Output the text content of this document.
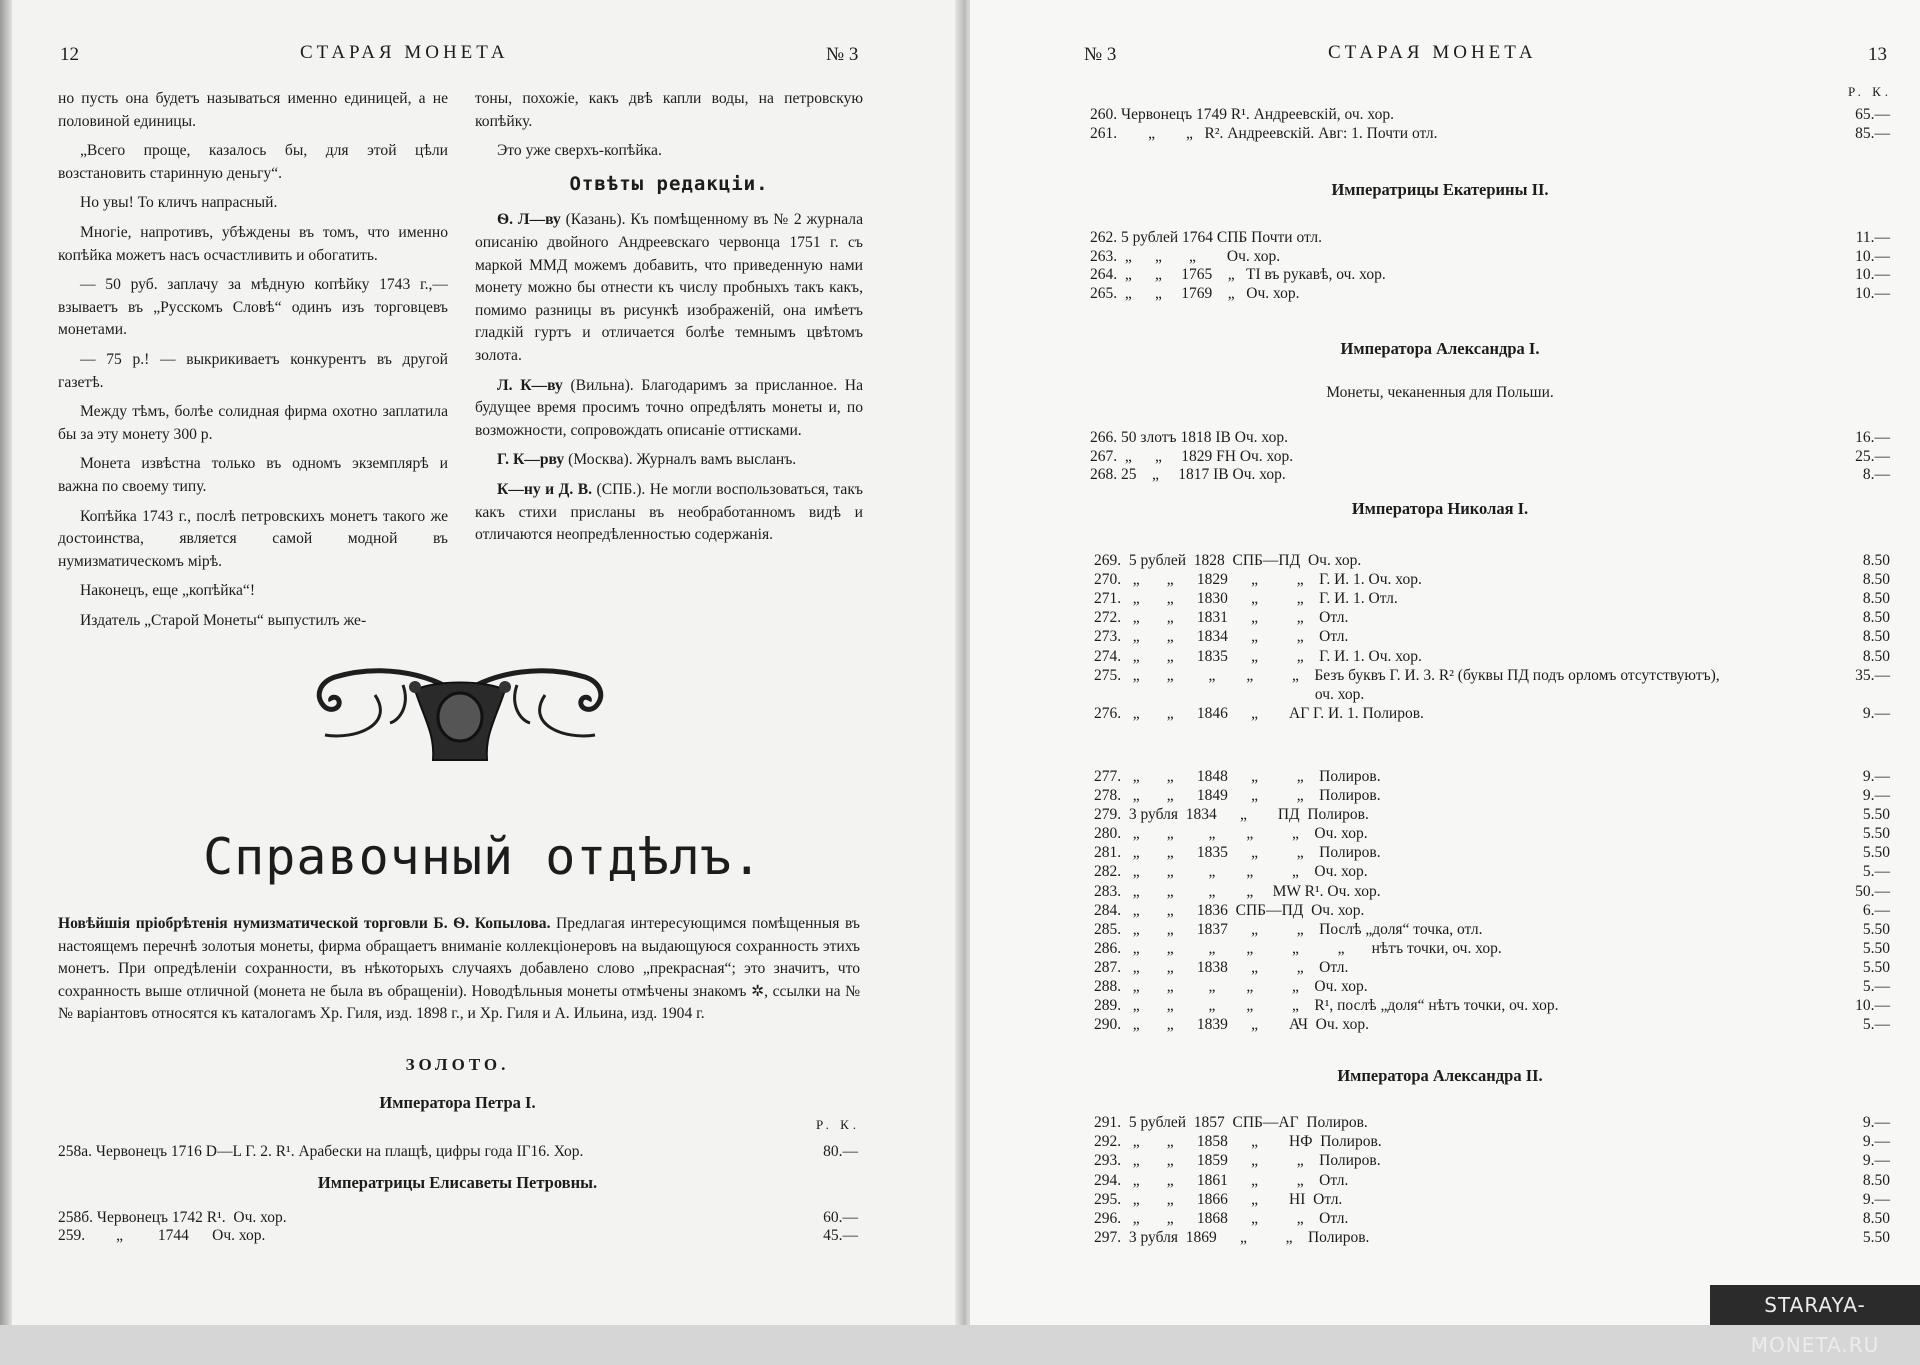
12	СТАРАЯ МОНЕТА	№ 3

но пусть она будетъ называться именно единицей, а не половиной единицы.

„Всего проще, казалось бы, для этой цѣли возстановить старинную деньгу“.

Но увы! То кличъ напрасный.

Многіе, напротивъ, убѣждены въ томъ, что именно копѣйка можетъ насъ осчастливить и обогатить.

— 50 руб. заплачу за мѣдную копѣйку 1743 г.,—взываетъ въ „Русскомъ Словѣ“ одинъ изъ торговцевъ монетами.

— 75 р.! — выкрикиваетъ конкурентъ въ другой газетѣ.

Между тѣмъ, болѣе солидная фирма охотно заплатила бы за эту монету 300 р.

Монета извѣстна только въ одномъ экземплярѣ и важна по своему типу.

Копѣйка 1743 г., послѣ петровскихъ монетъ такого же достоинства, является самой модной въ нумизматическомъ мірѣ.

Наконецъ, еще „копѣйка“!

Издатель „Старой Монеты“ выпустилъ же-

тоны, похожіе, какъ двѣ капли воды, на петровскую копѣйку.

Это уже сверхъ-копѣйка.

Отвѣты редакціи.

Ѳ. Л—ву (Казань). Къ помѣщенному въ № 2 журнала описанію двойного Андреевскаго червонца 1751 г. съ маркой ММД можемъ добавить, что приведенную нами монету можно бы отнести къ числу пробныхъ такъ какъ, помимо разницы въ рисункѣ изображеній, она имѣетъ гладкій гуртъ и отличается болѣе темнымъ цвѣтомъ золота.

Л. К—ву (Вильна). Благодаримъ за присланное. На будущее время просимъ точно опредѣлять монеты и, по возможности, сопровождать описаніе оттисками.

Г. К—рву (Москва). Журналъ вамъ высланъ.

К—ну и Д. В. (СПБ.). Не могли воспользоваться, такъ какъ стихи присланы въ необработанномъ видѣ и отличаются неопредѣленностью содержанія.

Справочный отдѣлъ.
Новѣйшія пріобрѣтенія нумизматической торговли Б. Ѳ. Копылова. Предлагая интересующимся помѣщенныя въ настоящемъ перечнѣ золотыя монеты, фирма обращаетъ вниманіе коллекціонеровъ на выдающуюся сохранность этихъ монетъ. При опредѣленіи сохранности, въ нѣкоторыхъ случаяхъ добавлено слово „прекрасная“; это значитъ, что сохранность выше отличной (монета не была въ обращеніи). Новодѣльныя монеты отмѣчены знакомъ ✲, ссылки на №№ варіантовъ относятся къ каталогамъ Хр. Гиля, изд. 1898 г., и Хр. Гиля и А. Ильина, изд. 1904 г.
ЗОЛОТО.
Императора Петра I.
Р. К.
Императрицы Елисаветы Петровны.
258а. Червонецъ 1716 D—L Г. 2. R¹. Арабески на плащѣ, цифры года IГ16. Хор.	80.—
258б. Червонецъ 1742 R¹.  Оч. хор.	60.—
259.        „         1744      Оч. хор.	45.—
№ 3	СТАРАЯ МОНЕТА	13
Р. К.
Императрицы Екатерины II.
Императора Александра I.
Монеты, чеканенныя для Польши.
Императора Николая I.
Императора Александра II.
260. Червонецъ 1749 R¹. Андреевскій, оч. хор.	65.—
261.        „        „   R². Андреевскій. Авг: 1. Почти отл.	85.—
262. 5 рублей 1764 СПБ Почти отл.	11.—
263.  „      „       „        Оч. хор.	10.—
264.  „      „     1765    „   TI въ рукавѣ, оч. хор.	10.—
265.  „      „     1769    „   Оч. хор.	10.—
266. 50 злотъ 1818 IB Оч. хор.	16.—
267.  „      „     1829 FH Оч. хор.	25.—
268. 25    „     1817 IB Оч. хор.	8.—
269.  5 рублей  1828  СПБ—ПД  Оч. хор.	8.50
270.   „       „      1829      „          „    Г. И. 1. Оч. хор.	8.50
271.   „       „      1830      „          „    Г. И. 1. Отл.	8.50
272.   „       „      1831      „          „    Отл.	8.50
273.   „       „      1834      „          „    Отл.	8.50
274.   „       „      1835      „          „    Г. И. 1. Оч. хор.	8.50
275.   „       „         „        „          „    Безъ буквъ Г. И. 3. R² (буквы ПД подъ орломъ отсутствуютъ),	35.—
оч. хор.
276.   „       „      1846      „        АГ Г. И. 1. Полиров.	9.—
277.   „       „      1848      „          „    Полиров.	9.—
278.   „       „      1849      „          „    Полиров.	9.—
279.  3 рубля  1834      „        ПД  Полиров.	5.50
280.   „       „         „        „          „    Оч. хор.	5.50
281.   „       „      1835      „          „    Полиров.	5.50
282.   „       „         „        „          „    Оч. хор.	5.—
283.   „       „         „        „     MW R¹. Оч. хор.	50.—
284.   „       „      1836  СПБ—ПД  Оч. хор.	6.—
285.   „       „      1837      „          „    Послѣ „доля“ точка, отл.	5.50
286.   „       „         „        „          „          „       нѣтъ точки, оч. хор.	5.50
287.   „       „      1838      „          „    Отл.	5.50
288.   „       „         „        „          „    Оч. хор.	5.—
289.   „       „         „        „          „    R¹, послѣ „доля“ нѣтъ точки, оч. хор.	10.—
290.   „       „      1839      „        АЧ  Оч. хор.	5.—
291.  5 рублей  1857  СПБ—АГ  Полиров.	9.—
292.   „       „      1858      „        НФ  Полиров.	9.—
293.   „       „      1859      „          „    Полиров.	9.—
294.   „       „      1861      „          „    Отл.	8.50
295.   „       „      1866      „        НІ  Отл.	9.—
296.   „       „      1868      „          „    Отл.	8.50
297.  3 рубля  1869      „          „    Полиров.	5.50
STARAYA-MONETA.RU
